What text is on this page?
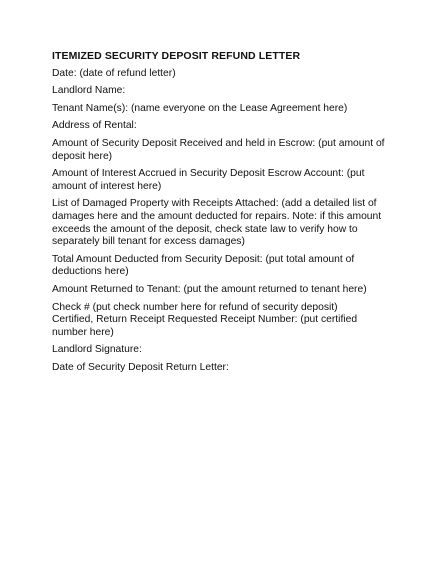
ITEMIZED SECURITY DEPOSIT REFUND LETTER
Date: (date of refund letter)
Landlord Name:
Tenant Name(s): (name everyone on the Lease Agreement here)
Address of Rental:
Amount of Security Deposit Received and held in Escrow: (put amount of deposit here)
Amount of Interest Accrued in Security Deposit Escrow Account: (put amount of interest here)
List of Damaged Property with Receipts Attached: (add a detailed list of damages here and the amount deducted for repairs. Note: if this amount exceeds the amount of the deposit, check state law to verify how to separately bill tenant for excess damages)
Total Amount Deducted from Security Deposit: (put total amount of deductions here)
Amount Returned to Tenant: (put the amount returned to tenant here)
Check # (put check number here for refund of security deposit)
Certified, Return Receipt Requested Receipt Number: (put certified number here)
Landlord Signature:
Date of Security Deposit Return Letter:
